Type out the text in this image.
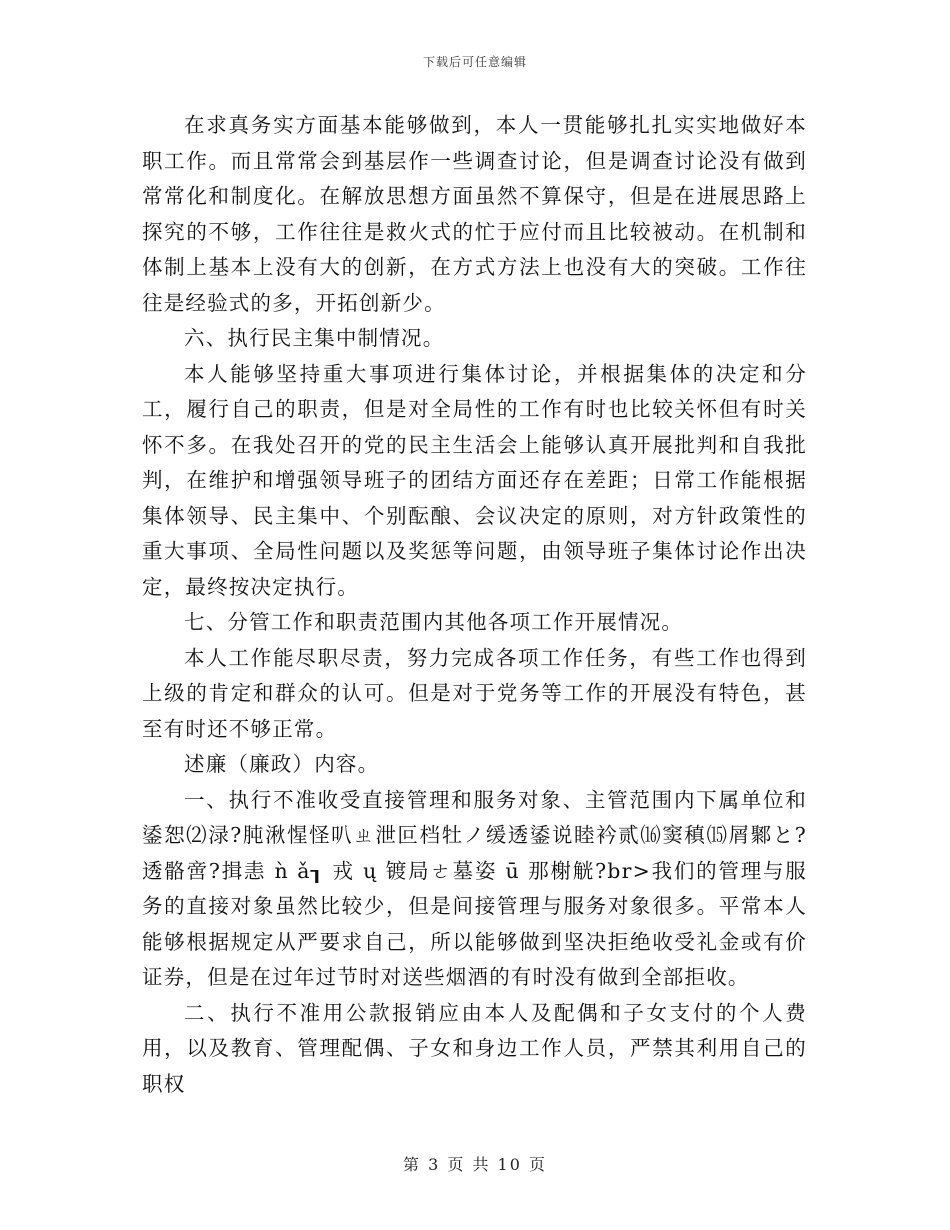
下载后可任意编辑

在求真务实方面基本能够做到，本人一贯能够扎扎实实地做好本职工作。而且常常会到基层作一些调查讨论，但是调查讨论没有做到常常化和制度化。在解放思想方面虽然不算保守，但是在进展思路上探究的不够，工作往往是救火式的忙于应付而且比较被动。在机制和体制上基本上没有大的创新，在方式方法上也没有大的突破。工作往往是经验式的多，开拓创新少。

六、执行民主集中制情况。

本人能够坚持重大事项进行集体讨论，并根据集体的决定和分工，履行自己的职责，但是对全局性的工作有时也比较关怀但有时关怀不多。在我处召开的党的民主生活会上能够认真开展批判和自我批判，在维护和增强领导班子的团结方面还存在差距；日常工作能根据集体领导、民主集中、个别酝酿、会议决定的原则，对方针政策性的重大事项、全局性问题以及奖惩等问题，由领导班子集体讨论作出决定，最终按决定执行。

七、分管工作和职责范围内其他各项工作开展情况。

本人工作能尽职尽责，努力完成各项工作任务，有些工作也得到上级的肯定和群众的认可。但是对于党务等工作的开展没有特色，甚至有时还不够正常。

述廉（廉政）内容。

一、执行不准收受直接管理和服务对象、主管范围内下属单位和鋈恕⑵渌?肫湫惺怪叭ㄓ泄叵档牡ノ缓透鋈说睦衿贰⒃窦稹⒂屑鄹と?透骼啻?揖恚 ǹ ǎ┒ 戎 ų 镀局ㄜ墓姿 ū 那榭觥?br>我们的管理与服务的直接对象虽然比较少，但是间接管理与服务对象很多。平常本人能够根据规定从严要求自己，所以能够做到坚决拒绝收受礼金或有价证券，但是在过年过节时对送些烟酒的有时没有做到全部拒收。

二、执行不准用公款报销应由本人及配偶和子女支付的个人费用，以及教育、管理配偶、子女和身边工作人员，严禁其利用自己的职权

第 3 页 共 10 页
